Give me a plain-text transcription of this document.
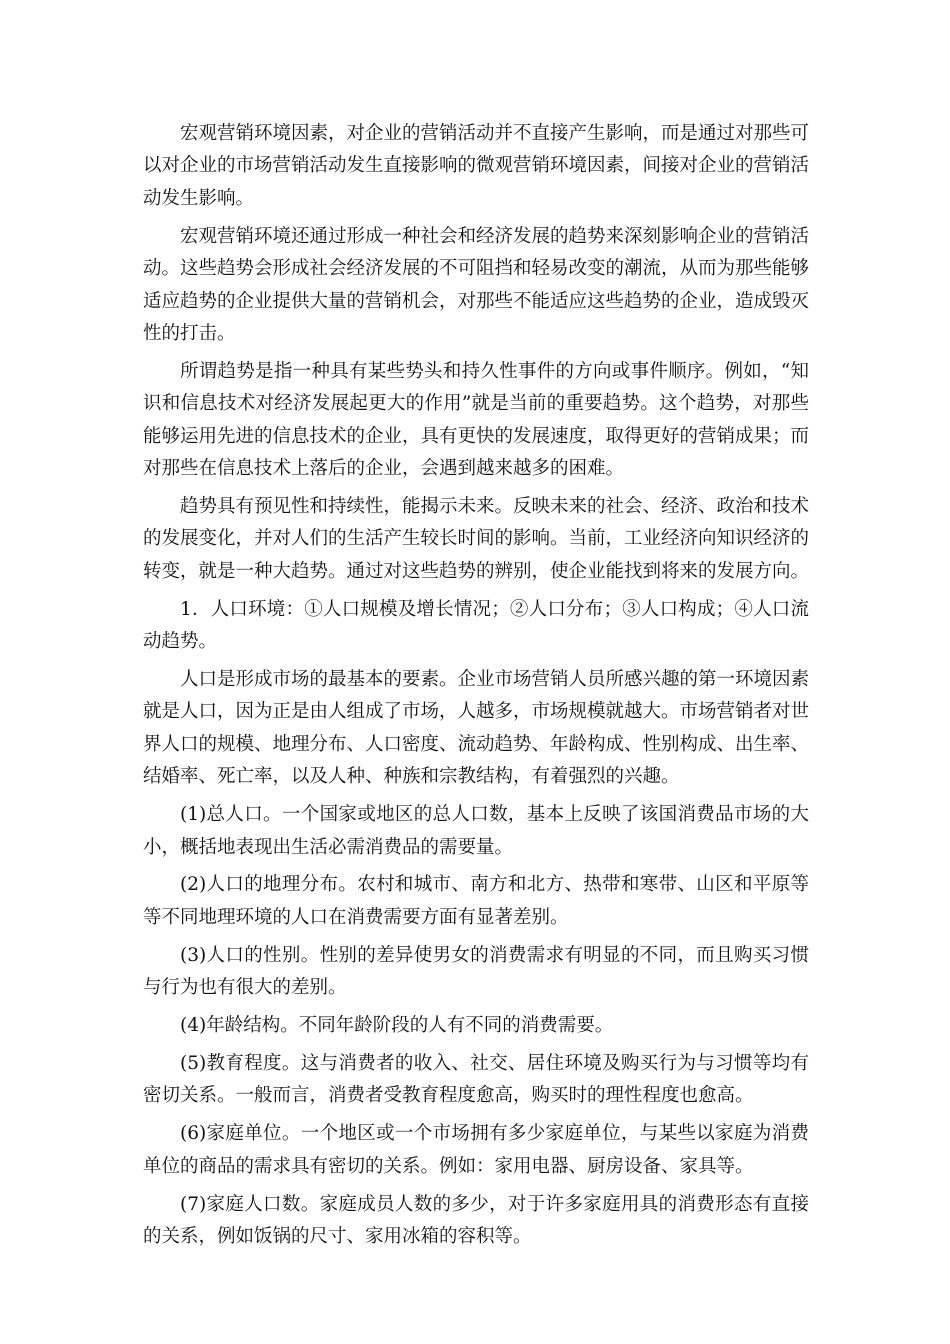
宏观营销环境因素，对企业的营销活动并不直接产生影响，而是通过对那些可以对企业的市场营销活动发生直接影响的微观营销环境因素，间接对企业的营销活动发生影响。

宏观营销环境还通过形成一种社会和经济发展的趋势来深刻影响企业的营销活动。这些趋势会形成社会经济发展的不可阻挡和轻易改变的潮流，从而为那些能够适应趋势的企业提供大量的营销机会，对那些不能适应这些趋势的企业，造成毁灭性的打击。

所谓趋势是指一种具有某些势头和持久性事件的方向或事件顺序。例如，“知识和信息技术对经济发展起更大的作用”就是当前的重要趋势。这个趋势，对那些能够运用先进的信息技术的企业，具有更快的发展速度，取得更好的营销成果；而对那些在信息技术上落后的企业，会遇到越来越多的困难。

趋势具有预见性和持续性，能揭示未来。反映未来的社会、经济、政治和技术的发展变化，并对人们的生活产生较长时间的影响。当前，工业经济向知识经济的转变，就是一种大趋势。通过对这些趋势的辨别，使企业能找到将来的发展方向。

1．人口环境：①人口规模及增长情况；②人口分布；③人口构成；④人口流动趋势。

人口是形成市场的最基本的要素。企业市场营销人员所感兴趣的第一环境因素就是人口，因为正是由人组成了市场，人越多，市场规模就越大。市场营销者对世界人口的规模、地理分布、人口密度、流动趋势、年龄构成、性别构成、出生率、结婚率、死亡率，以及人种、种族和宗教结构，有着强烈的兴趣。

(1)总人口。一个国家或地区的总人口数，基本上反映了该国消费品市场的大小，概括地表现出生活必需消费品的需要量。

(2)人口的地理分布。农村和城市、南方和北方、热带和寒带、山区和平原等等不同地理环境的人口在消费需要方面有显著差别。

(3)人口的性别。性别的差异使男女的消费需求有明显的不同，而且购买习惯与行为也有很大的差别。

(4)年龄结构。不同年龄阶段的人有不同的消费需要。

(5)教育程度。这与消费者的收入、社交、居住环境及购买行为与习惯等均有密切关系。一般而言，消费者受教育程度愈高，购买时的理性程度也愈高。

(6)家庭单位。一个地区或一个市场拥有多少家庭单位，与某些以家庭为消费单位的商品的需求具有密切的关系。例如：家用电器、厨房设备、家具等。

(7)家庭人口数。家庭成员人数的多少，对于许多家庭用具的消费形态有直接的关系，例如饭锅的尺寸、家用冰箱的容积等。
